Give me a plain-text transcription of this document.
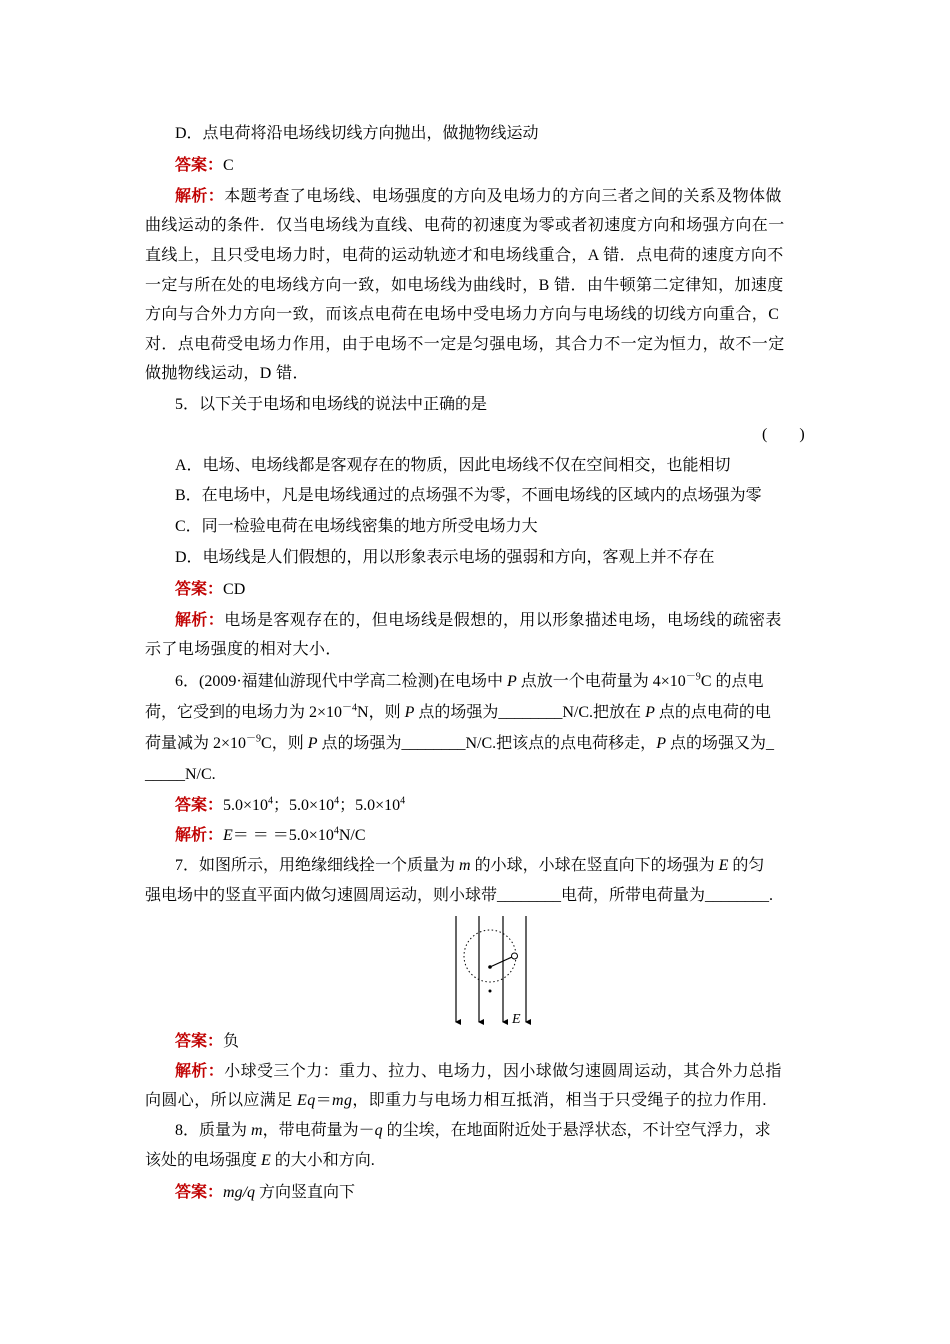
D．点电荷将沿电场线切线方向抛出，做抛物线运动
答案：C
解析：本题考查了电场线、电场强度的方向及电场力的方向三者之间的关系及物体做
曲线运动的条件．仅当电场线为直线、电荷的初速度为零或者初速度方向和场强方向在一
直线上，且只受电场力时，电荷的运动轨迹才和电场线重合，A 错．点电荷的速度方向不
一定与所在处的电场线方向一致，如电场线为曲线时，B 错．由牛顿第二定律知，加速度
方向与合外力方向一致，而该点电荷在电场中受电场力方向与电场线的切线方向重合，C
对．点电荷受电场力作用，由于电场不一定是匀强电场，其合力不一定为恒力，故不一定
做抛物线运动，D 错．
5．以下关于电场和电场线的说法中正确的是
(　　)
A．电场、电场线都是客观存在的物质，因此电场线不仅在空间相交，也能相切
B．在电场中，凡是电场线通过的点场强不为零，不画电场线的区域内的点场强为零
C．同一检验电荷在电场线密集的地方所受电场力大
D．电场线是人们假想的，用以形象表示电场的强弱和方向，客观上并不存在
答案：CD
解析：电场是客观存在的，但电场线是假想的，用以形象描述电场，电场线的疏密表
示了电场强度的相对大小．
6．(2009·福建仙游现代中学高二检测)在电场中 P 点放一个电荷量为 $4\times 10^{-9}C$ 的点电
荷，它受到的电场力为 $2\times 10^{-4}N$，则 P 点的场强为________N/C.把放在 P 点的点电荷的电
荷量减为 $2\times 10^{-9}C$，则 P 点的场强为________N/C.把该点的点电荷移走，P 点的场强又为_
_____N/C.
答案：$5.0\times 10^4$；$5.0\times 10^4$；$5.0\times 10^4$
解析：$E= = =5.0\times 10^4N/C$
7．如图所示，用绝缘细线拴一个质量为 m 的小球，小球在竖直向下的场强为 E 的匀
强电场中的竖直平面内做匀速圆周运动，则小球带________电荷，所带电荷量为________.
E
答案：负
解析：小球受三个力：重力、拉力、电场力，因小球做匀速圆周运动，其合外力总指
向圆心，所以应满足 Eq＝mg，即重力与电场力相互抵消，相当于只受绳子的拉力作用.
8．质量为 m，带电荷量为－q 的尘埃，在地面附近处于悬浮状态，不计空气浮力，求
该处的电场强度 E 的大小和方向.
答案：mg/q 方向竖直向下
